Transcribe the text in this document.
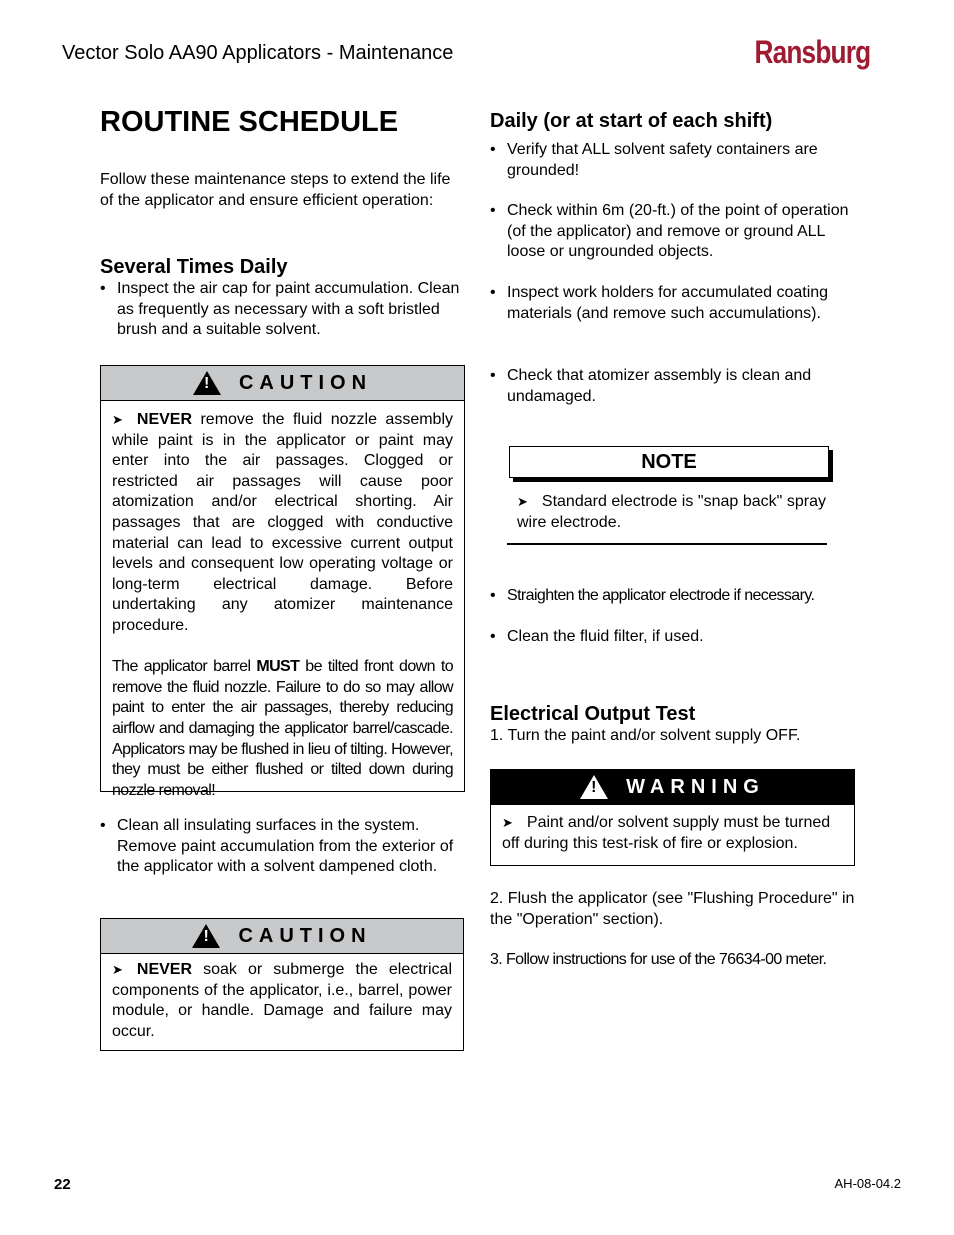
Vector Solo AA90 Applicators - Maintenance	Ransburg
ROUTINE SCHEDULE

Follow these maintenance steps to extend the life of the applicator and ensure efficient operation:

Several Times Daily
• Inspect the air cap for paint accumulation. Clean as frequently as necessary with a soft bristled brush and a suitable solvent.
! CAUTION

➤ NEVER remove the fluid nozzle assembly while paint is in the applicator or paint may enter into the air passages. Clogged or restricted air passages will cause poor atomization and/or electrical shorting. Air passages that are clogged with conductive material can lead to excessive current output levels and consequent low operating voltage or long-term electrical damage. Before undertaking any atomizer maintenance procedure.

The applicator barrel MUST be tilted front down to remove the fluid nozzle. Failure to do so may allow paint to enter the air passages, thereby reducing airflow and damaging the applicator barrel/cascade. Applicators may be flushed in lieu of tilting. However, they must be either flushed or tilted down during nozzle removal!

• Clean all insulating surfaces in the system. Remove paint accumulation from the exterior of the applicator with a solvent dampened cloth.
! CAUTION

➤ NEVER soak or submerge the electrical components of the applicator, i.e., barrel, power module, or handle. Damage and failure may occur.

Daily (or at start of each shift)
• Verify that ALL solvent safety containers are grounded!
• Check within 6m (20-ft.) of the point of operation (of the applicator) and remove or ground ALL loose or ungrounded objects.
• Inspect work holders for accumulated coating materials (and remove such accumulations).
• Check that atomizer assembly is clean and undamaged.
NOTE
➤ Standard electrode is "snap back" spray wire electrode.
• Straighten the applicator electrode if necessary.
• Clean the fluid filter, if used.
Electrical Output Test

1. Turn the paint and/or solvent supply OFF.

! WARNING

➤ Paint and/or solvent supply must be turned off during this test-risk of fire or explosion.

2. Flush the applicator (see "Flushing Procedure" in the "Operation" section).

3. Follow instructions for use of the 76634-00 meter.

22	AH-08-04.2
